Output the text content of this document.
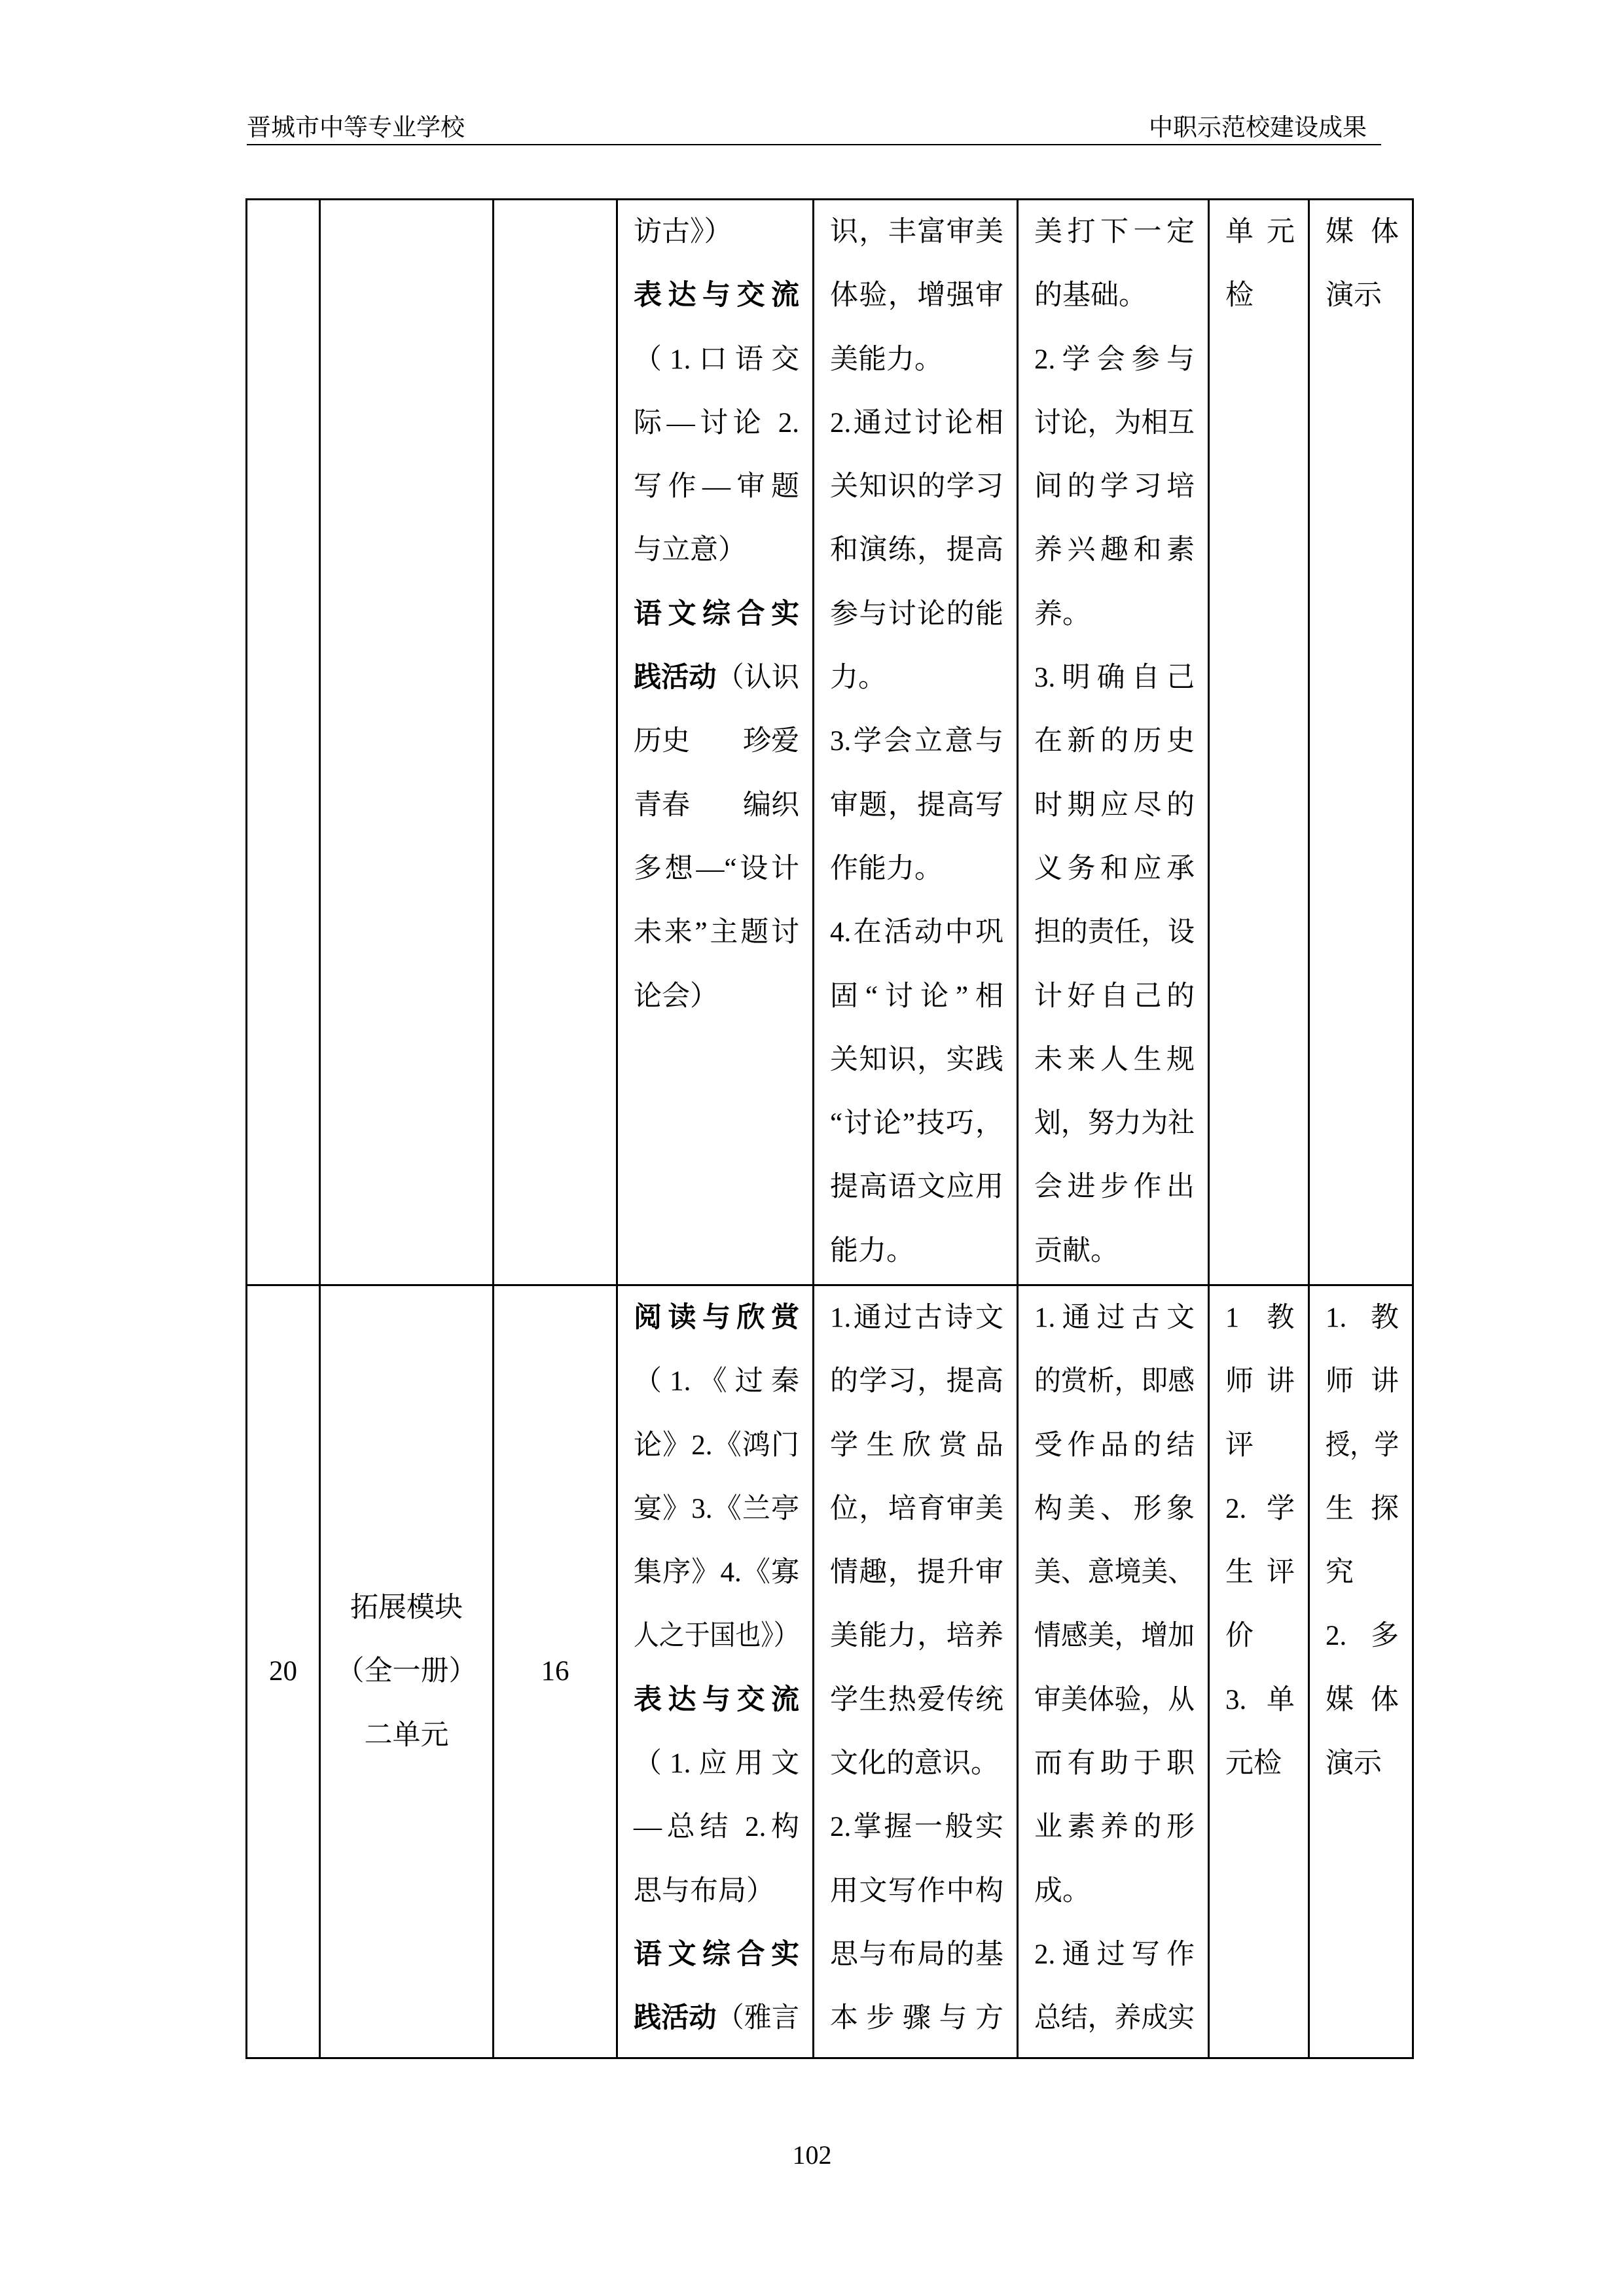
晋城市中等专业学校	中职示范校建设成果
访古》）
表达与交流
（1.口语交
际—讨论 2.
写作—审题
与立意）
语文综合实
践活动（认识
历史 珍爱
青春 编织
多想—“设计
未来”主题讨
论会）
识，丰富审美
体验，增强审
美能力。
2.通过讨论相
关知识的学习
和演练，提高
参与讨论的能
力。
3.学会立意与
审题，提高写
作能力。
4.在活动中巩
固“讨论”相
关知识，实践
“讨论”技巧，
提高语文应用
能力。
美打下一定
的基础。
2.学会参与
讨论，为相互
间的学习培
养兴趣和素
养。
3.明确自己
在新的历史
时期应尽的
义务和应承
担的责任，设
计好自己的
未来人生规
划，努力为社
会进步作出
贡献。
单元
检
媒体
演示
20
拓展模块
（全一册）
二单元
16
阅读与欣赏
（1.《过秦
论》2.《鸿门
宴》3.《兰亭
集序》4.《寡
人之于国也》）
表达与交流
（1.应用文
—总结 2.构
思与布局）
语文综合实
践活动（雅言
1.通过古诗文
的学习，提高
学生欣赏品
位，培育审美
情趣，提升审
美能力，培养
学生热爱传统
文化的意识。
2.掌握一般实
用文写作中构
思与布局的基
本步骤与方
1.通过古文
的赏析，即感
受作品的结
构美、形象
美、意境美、
情感美，增加
审美体验，从
而有助于职
业素养的形
成。
2.通过写作
总结，养成实
1 教
师讲
评
2.学
生评
价
3.单
元检
1.教
师讲
授，学
生探
究
2.多
媒体
演示
102
